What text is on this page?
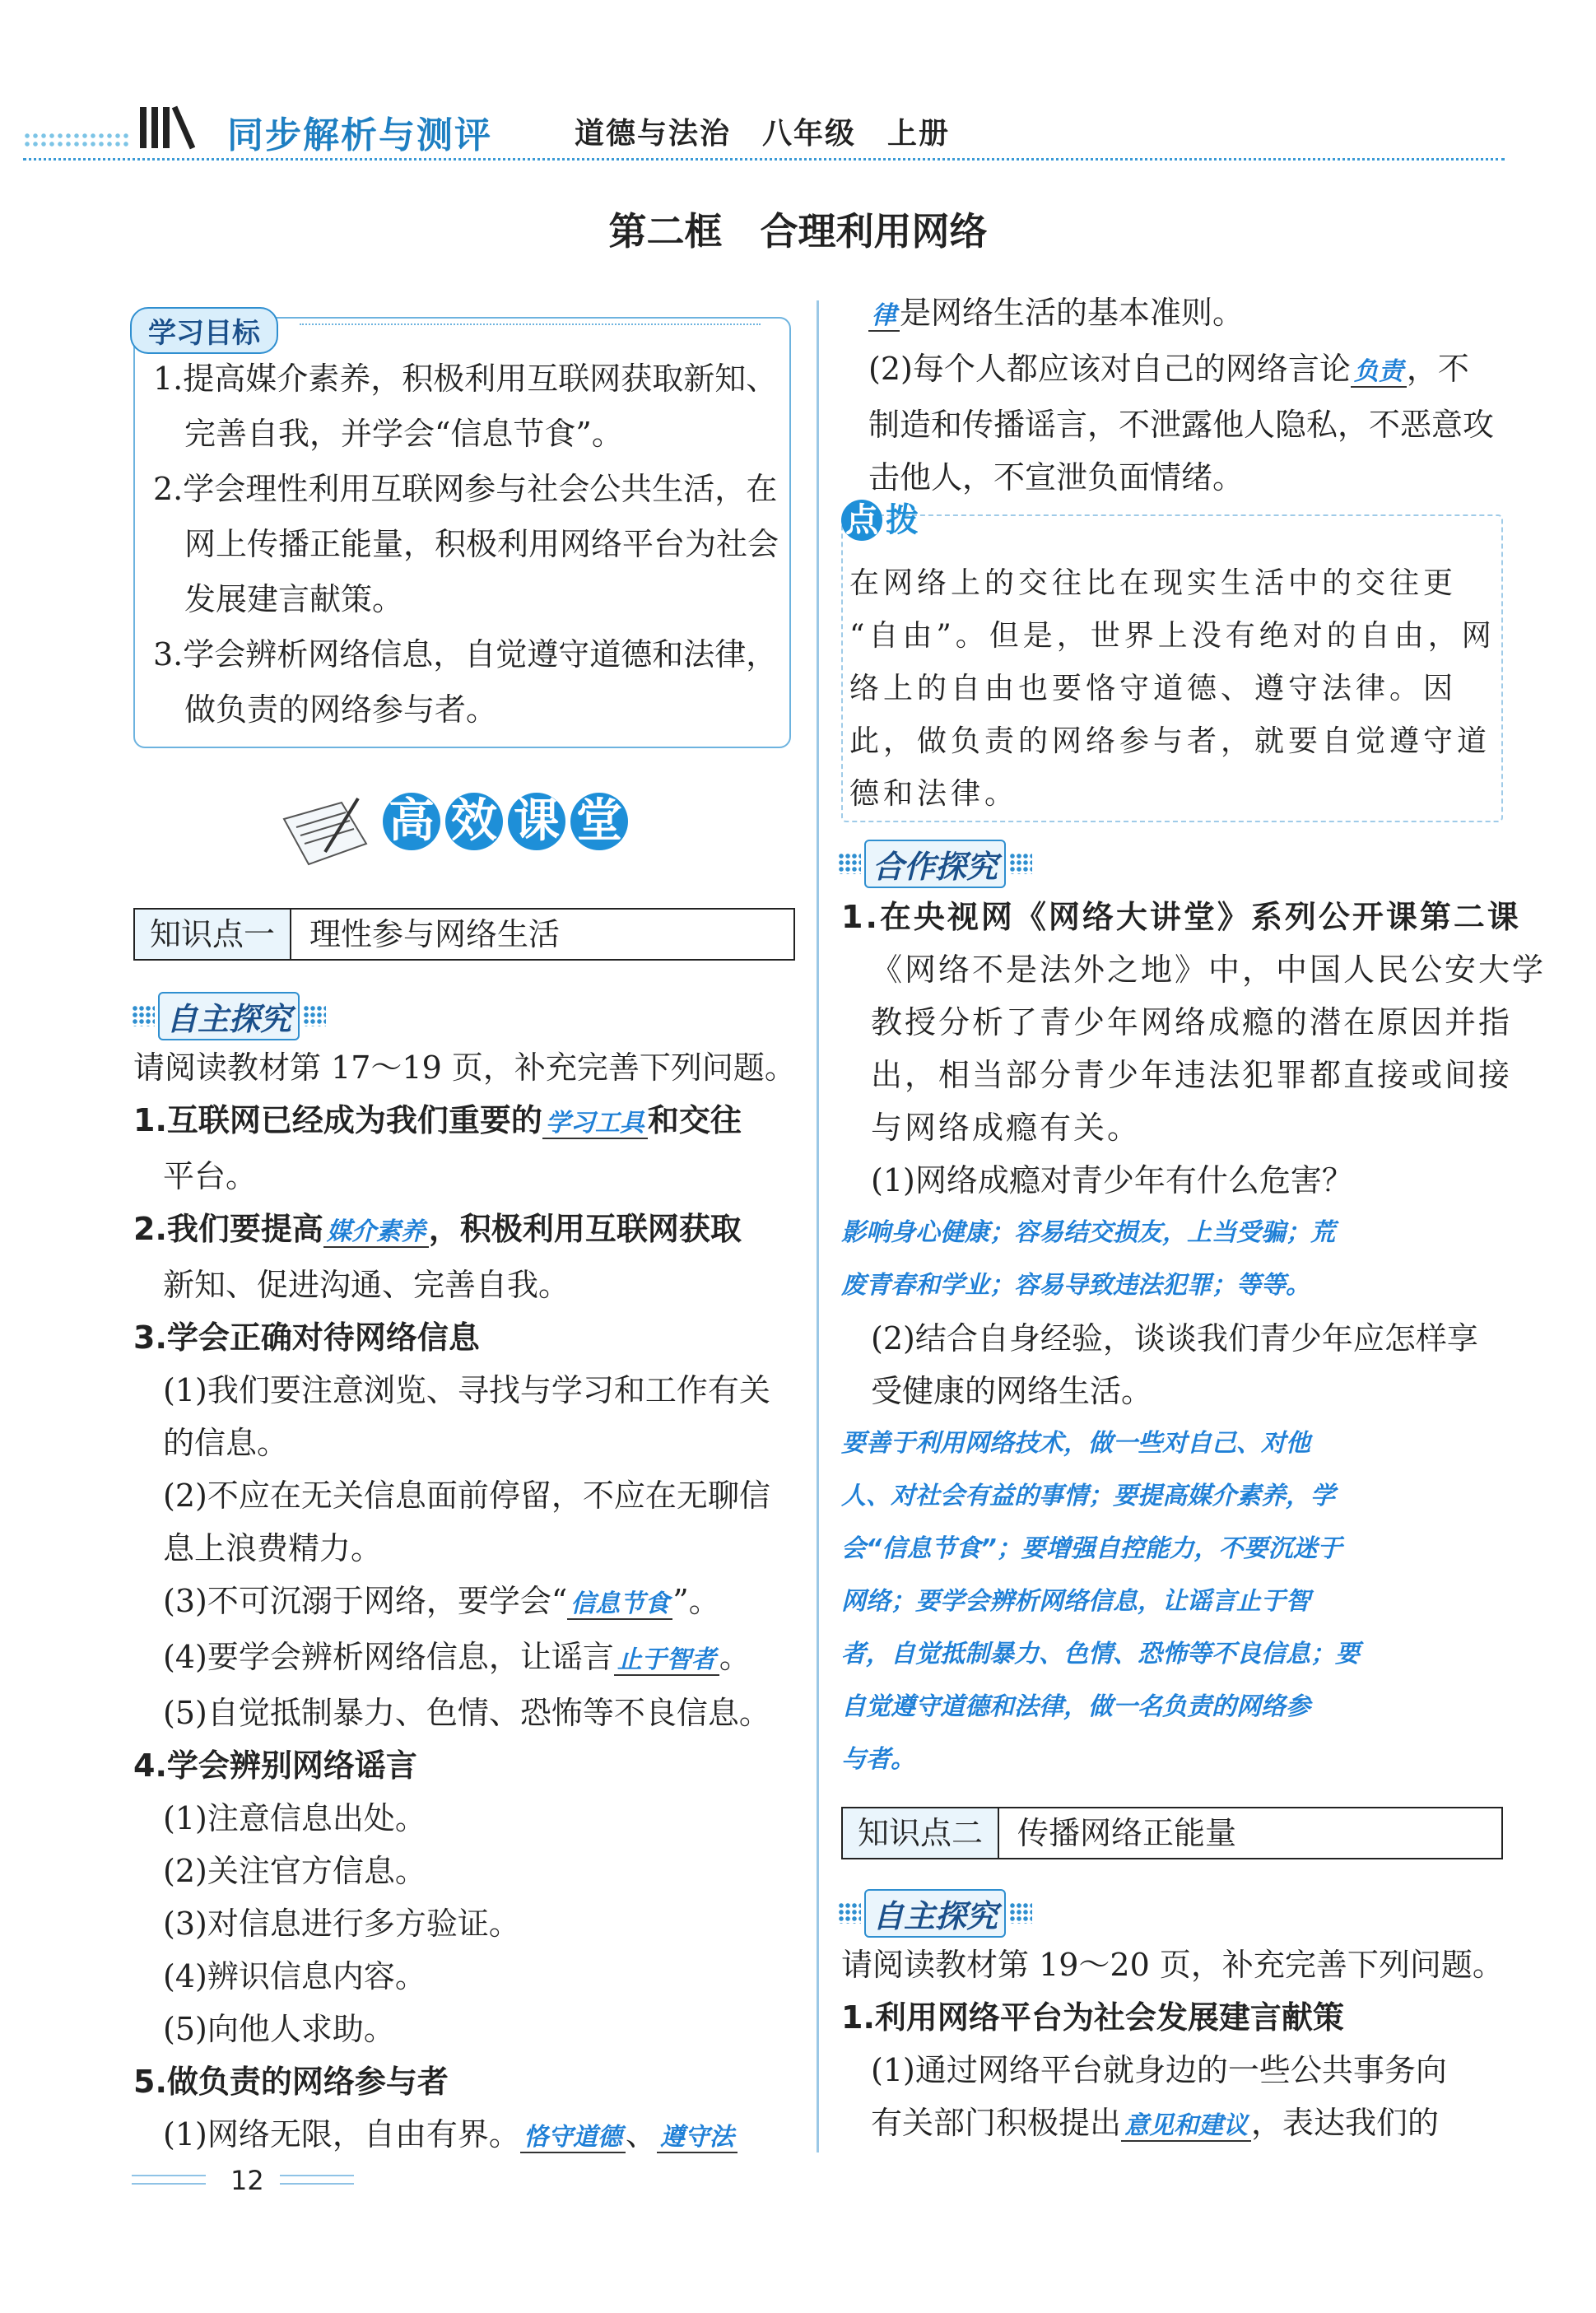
同步解析与测评	道德与法治　八年级　上册
第二框　合理利用网络
学习目标
1.提高媒介素养，积极利用互联网获取新知、完善自我，并学会“信息节食”。
2.学会理性利用互联网参与社会公共生活，在网上传播正能量，积极利用网络平台为社会发展建言献策。
3.学会辨析网络信息，自觉遵守道德和法律，做负责的网络参与者。
高 效 课 堂
知识点一	理性参与网络生活
自主探究
请阅读教材第 17～19 页，补充完善下列问题。
1.互联网已经成为我们重要的 学习工具 和交往
平台。
2.我们要提高 媒介素养 ，积极利用互联网获取
新知、促进沟通、完善自我。
3.学会正确对待网络信息
(1)我们要注意浏览、寻找与学习和工作有关
的信息。
(2)不应在无关信息面前停留，不应在无聊信
息上浪费精力。
(3)不可沉溺于网络，要学会“ 信息节食 ”。
(4)要学会辨析网络信息，让谣言 止于智者 。
(5)自觉抵制暴力、色情、恐怖等不良信息。
4.学会辨别网络谣言
(1)注意信息出处。
(2)关注官方信息。
(3)对信息进行多方验证。
(4)辨识信息内容。
(5)向他人求助。
5.做负责的网络参与者
(1)网络无限，自由有界。 恪守道德 、 遵守法
律 是网络生活的基本准则。
(2)每个人都应该对自己的网络言论 负责 ，不
制造和传播谣言，不泄露他人隐私，不恶意攻
击他人，不宣泄负面情绪。
点 拨
在网络上的交往比在现实生活中的交往更
“自由”。但是，世界上没有绝对的自由，网
络上的自由也要恪守道德、遵守法律。因
此，做负责的网络参与者，就要自觉遵守道
德和法律。
合作探究
1.在央视网《网络大讲堂》系列公开课第二课
《网络不是法外之地》中，中国人民公安大学
教授分析了青少年网络成瘾的潜在原因并指
出，相当部分青少年违法犯罪都直接或间接
与网络成瘾有关。
(1)网络成瘾对青少年有什么危害？
影响身心健康；容易结交损友，上当受骗；荒
废青春和学业；容易导致违法犯罪；等等。
(2)结合自身经验，谈谈我们青少年应怎样享
受健康的网络生活。
要善于利用网络技术，做一些对自己、对他
人、对社会有益的事情；要提高媒介素养，学
会“信息节食”；要增强自控能力，不要沉迷于
网络；要学会辨析网络信息，让谣言止于智
者，自觉抵制暴力、色情、恐怖等不良信息；要
自觉遵守道德和法律，做一名负责的网络参
与者。
知识点二	传播网络正能量
自主探究
请阅读教材第 19～20 页，补充完善下列问题。
1.利用网络平台为社会发展建言献策
(1)通过网络平台就身边的一些公共事务向
有关部门积极提出 意见和建议 ，表达我们的
12
